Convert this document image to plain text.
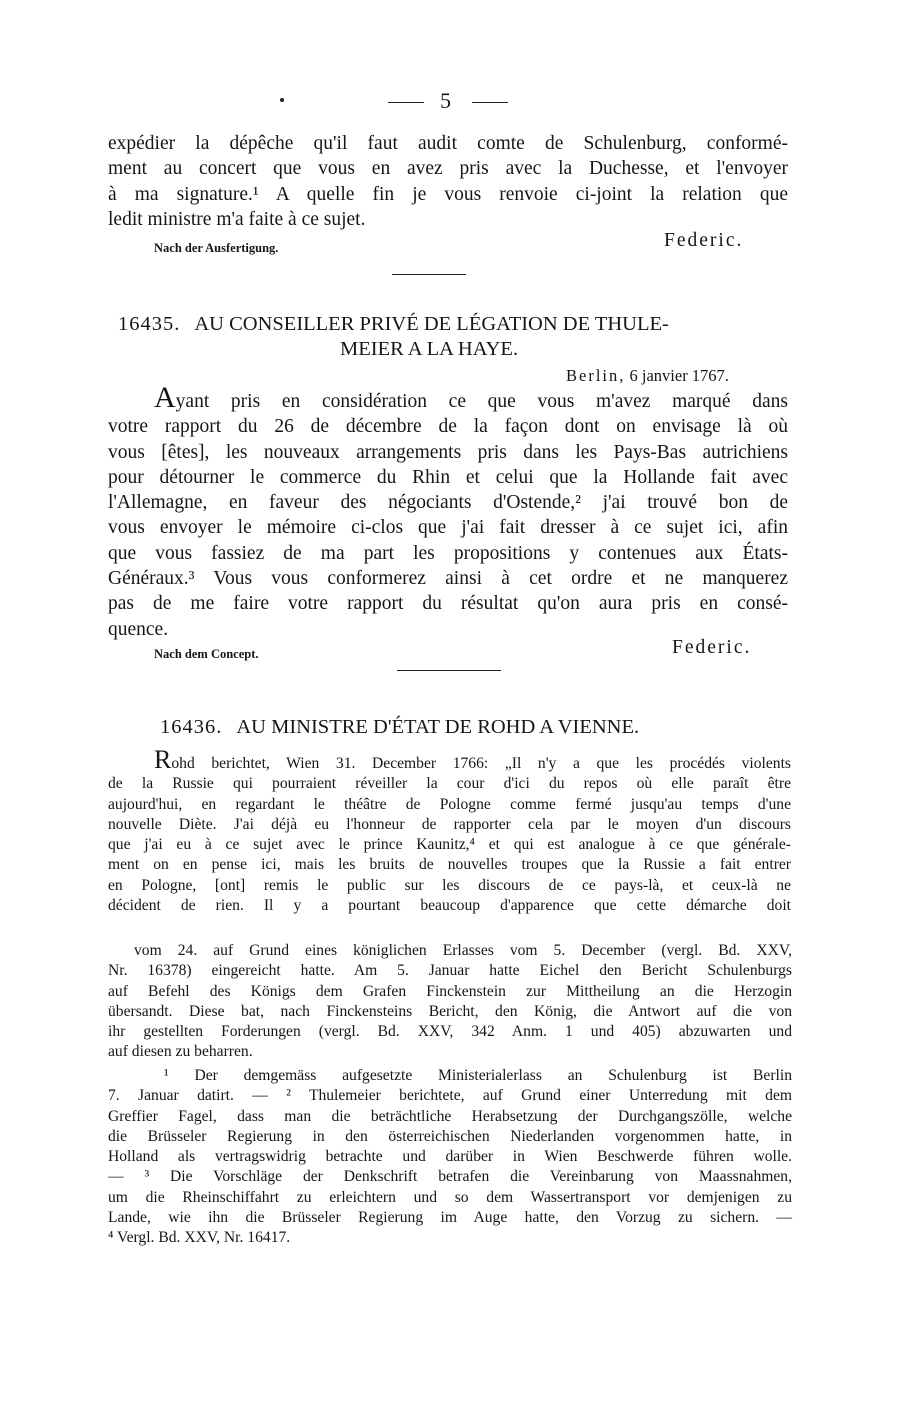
5
expédier la dépêche qu'il faut audit comte de Schulenburg, conformé-
ment au concert que vous en avez pris avec la Duchesse, et l'envoyer
à ma signature.¹ A quelle fin je vous renvoie ci-joint la relation que
ledit ministre m'a faite à ce sujet.
Nach der Ausfertigung.	Federic.
16435. AU CONSEILLER PRIVÉ DE LÉGATION DE THULE-
MEIER A LA HAYE.
Berlin, 6 janvier 1767.
Ayant pris en considération ce que vous m'avez marqué dans
votre rapport du 26 de décembre de la façon dont on envisage là où
vous [êtes], les nouveaux arrangements pris dans les Pays-Bas autrichiens
pour détourner le commerce du Rhin et celui que la Hollande fait avec
l'Allemagne, en faveur des négociants d'Ostende,² j'ai trouvé bon de
vous envoyer le mémoire ci-clos que j'ai fait dresser à ce sujet ici, afin
que vous fassiez de ma part les propositions y contenues aux États-
Généraux.³ Vous vous conformerez ainsi à cet ordre et ne manquerez
pas de me faire votre rapport du résultat qu'on aura pris en consé-
quence.
Nach dem Concept.	Federic.
16436. AU MINISTRE D'ÉTAT DE ROHD A VIENNE.
Rohd berichtet, Wien 31. December 1766: „Il n'y a que les procédés violents
de la Russie qui pourraient réveiller la cour d'ici du repos où elle paraît être
aujourd'hui, en regardant le théâtre de Pologne comme fermé jusqu'au temps d'une
nouvelle Diète. J'ai déjà eu l'honneur de rapporter cela par le moyen d'un discours
que j'ai eu à ce sujet avec le prince Kaunitz,⁴ et qui est analogue à ce que générale-
ment on en pense ici, mais les bruits de nouvelles troupes que la Russie a fait entrer
en Pologne, [ont] remis le public sur les discours de ce pays-là, et ceux-là ne
décident de rien. Il y a pourtant beaucoup d'apparence que cette démarche doit
vom 24. auf Grund eines königlichen Erlasses vom 5. December (vergl. Bd. XXV,
Nr. 16378) eingereicht hatte. Am 5. Januar hatte Eichel den Bericht Schulenburgs
auf Befehl des Königs dem Grafen Finckenstein zur Mittheilung an die Herzogin
übersandt. Diese bat, nach Finckensteins Bericht, den König, die Antwort auf die von
ihr gestellten Forderungen (vergl. Bd. XXV, 342 Anm. 1 und 405) abzuwarten und
auf diesen zu beharren.
¹ Der demgemäss aufgesetzte Ministerialerlass an Schulenburg ist Berlin
7. Januar datirt. — ² Thulemeier berichtete, auf Grund einer Unterredung mit dem
Greffier Fagel, dass man die beträchtliche Herabsetzung der Durchgangszölle, welche
die Brüsseler Regierung in den österreichischen Niederlanden vorgenommen hatte, in
Holland als vertragswidrig betrachte und darüber in Wien Beschwerde führen wolle.
— ³ Die Vorschläge der Denkschrift betrafen die Vereinbarung von Maassnahmen,
um die Rheinschiffahrt zu erleichtern und so dem Wassertransport vor demjenigen zu
Lande, wie ihn die Brüsseler Regierung im Auge hatte, den Vorzug zu sichern. —
⁴ Vergl. Bd. XXV, Nr. 16417.
